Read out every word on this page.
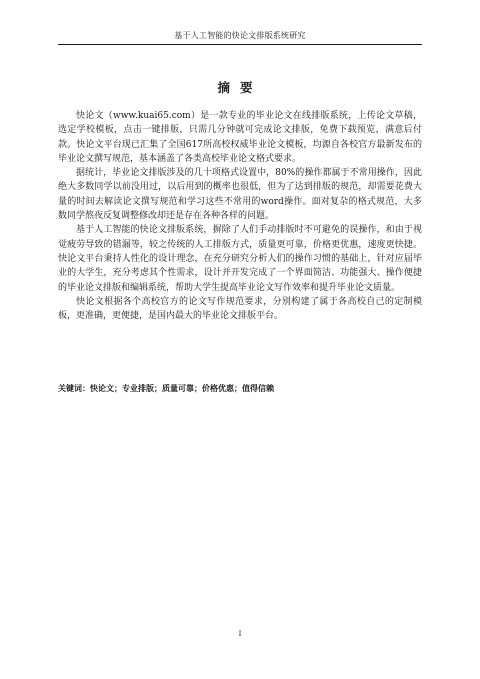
基于人工智能的快论文排版系统研究
摘要

快论文（www.kuai65.com）是一款专业的毕业论文在线排版系统，上传论文草稿，选定学校模板，点击一键排版，只需几分钟就可完成论文排版，免费下载预览，满意后付款。快论文平台现已汇集了全国617所高校权威毕业论文模板，均源自各校官方最新发布的毕业论文撰写规范，基本涵盖了各类高校毕业论文格式要求。

据统计，毕业论文排版涉及的几十项格式设置中，80%的操作都属于不常用操作，因此绝大多数同学以前没用过，以后用到的概率也很低，但为了达到排版的规范，却需要花费大量的时间去解读论文撰写规范和学习这些不常用的word操作。面对复杂的格式规范，大多数同学熬夜反复调整修改却还是存在各种各样的问题。

基于人工智能的快论文排版系统，摒除了人们手动排版时不可避免的误操作，和由于视觉疲劳导致的错漏等，较之传统的人工排版方式，质量更可靠，价格更优惠，速度更快捷。快论文平台秉持人性化的设计理念，在充分研究分析人们的操作习惯的基础上，针对应届毕业的大学生，充分考虑其个性需求，设计并开发完成了一个界面简洁、功能强大、操作便捷的毕业论文排版和编辑系统，帮助大学生提高毕业论文写作效率和提升毕业论文质量。

快论文根据各个高校官方的论文写作规范要求，分别构建了属于各高校自己的定制模板，更准确，更便捷，是国内最大的毕业论文排版平台。

关键词：快论文；专业排版；质量可靠；价格优惠；值得信赖
I
